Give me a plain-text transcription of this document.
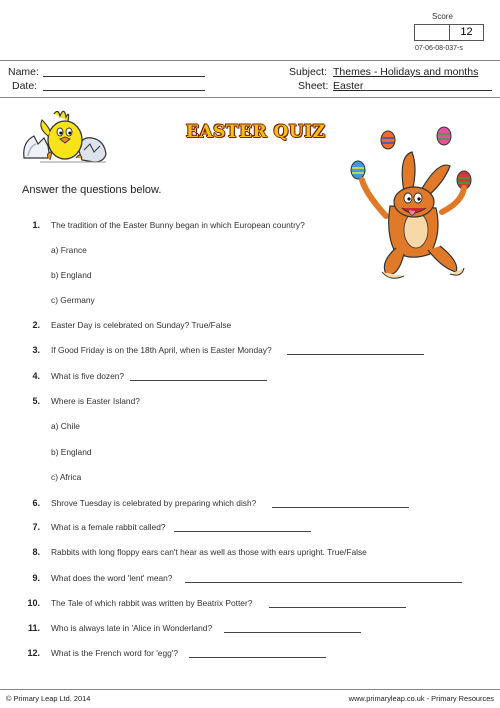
Score
12
07-06-08-037-s
Name:
Date:
Subject: Themes - Holidays and months
Sheet: Easter
EASTER QUIZ
Answer the questions below.
1. The tradition of the Easter Bunny began in which European country?
a) France
b) England
c) Germany
2. Easter Day is celebrated on Sunday? True/False
3. If Good Friday is on the 18th April, when is Easter Monday?
4. What is five dozen?
5. Where is Easter Island?
a) Chile
b) England
c) Africa
6. Shrove Tuesday is celebrated by preparing which dish?
7. What is a female rabbit called?
8. Rabbits with long floppy ears can't hear as well as those with ears upright. True/False
9. What does the word 'lent' mean?
10. The Tale of which rabbit was written by Beatrix Potter?
11. Who is always late in 'Alice in Wonderland?
12. What is the French word for 'egg'?
© Primary Leap Ltd. 2014	www.primaryleap.co.uk - Primary Resources
